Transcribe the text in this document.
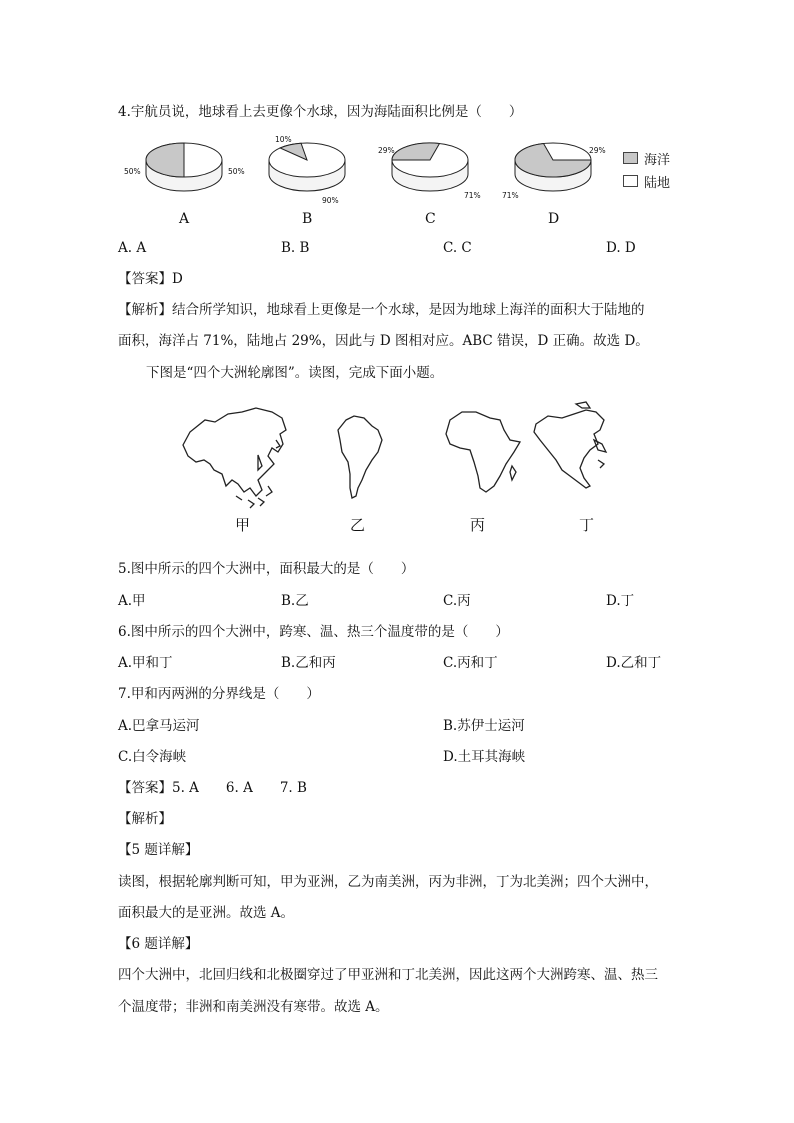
4.宇航员说，地球看上去更像个水球，因为海陆面积比例是（　　）
50%	50%
10%
90%
29%
71%	71%
29%
A	B	C	D
海洋
陆地
A. A	B. B	C. C	D. D
【答案】D
【解析】结合所学知识，地球看上更像是一个水球，是因为地球上海洋的面积大于陆地的
面积，海洋占 71%，陆地占 29%，因此与 D 图相对应。ABC 错误，D 正确。故选 D。
下图是“四个大洲轮廓图”。读图，完成下面小题。
甲	乙	丙	丁
5.图中所示的四个大洲中，面积最大的是（　　）
A.甲	B.乙	C.丙	D.丁
6.图中所示的四个大洲中，跨寒、温、热三个温度带的是（　　）
A.甲和丁	B.乙和丙	C.丙和丁	D.乙和丁
7.甲和丙两洲的分界线是（　　）
A.巴拿马运河	B.苏伊士运河
C.白令海峡	D.土耳其海峡
【答案】5. A　　6. A　　7. B
【解析】
【5 题详解】
读图，根据轮廓判断可知，甲为亚洲，乙为南美洲，丙为非洲，丁为北美洲；四个大洲中，
面积最大的是亚洲。故选 A。
【6 题详解】
四个大洲中，北回归线和北极圈穿过了甲亚洲和丁北美洲，因此这两个大洲跨寒、温、热三
个温度带；非洲和南美洲没有寒带。故选 A。
